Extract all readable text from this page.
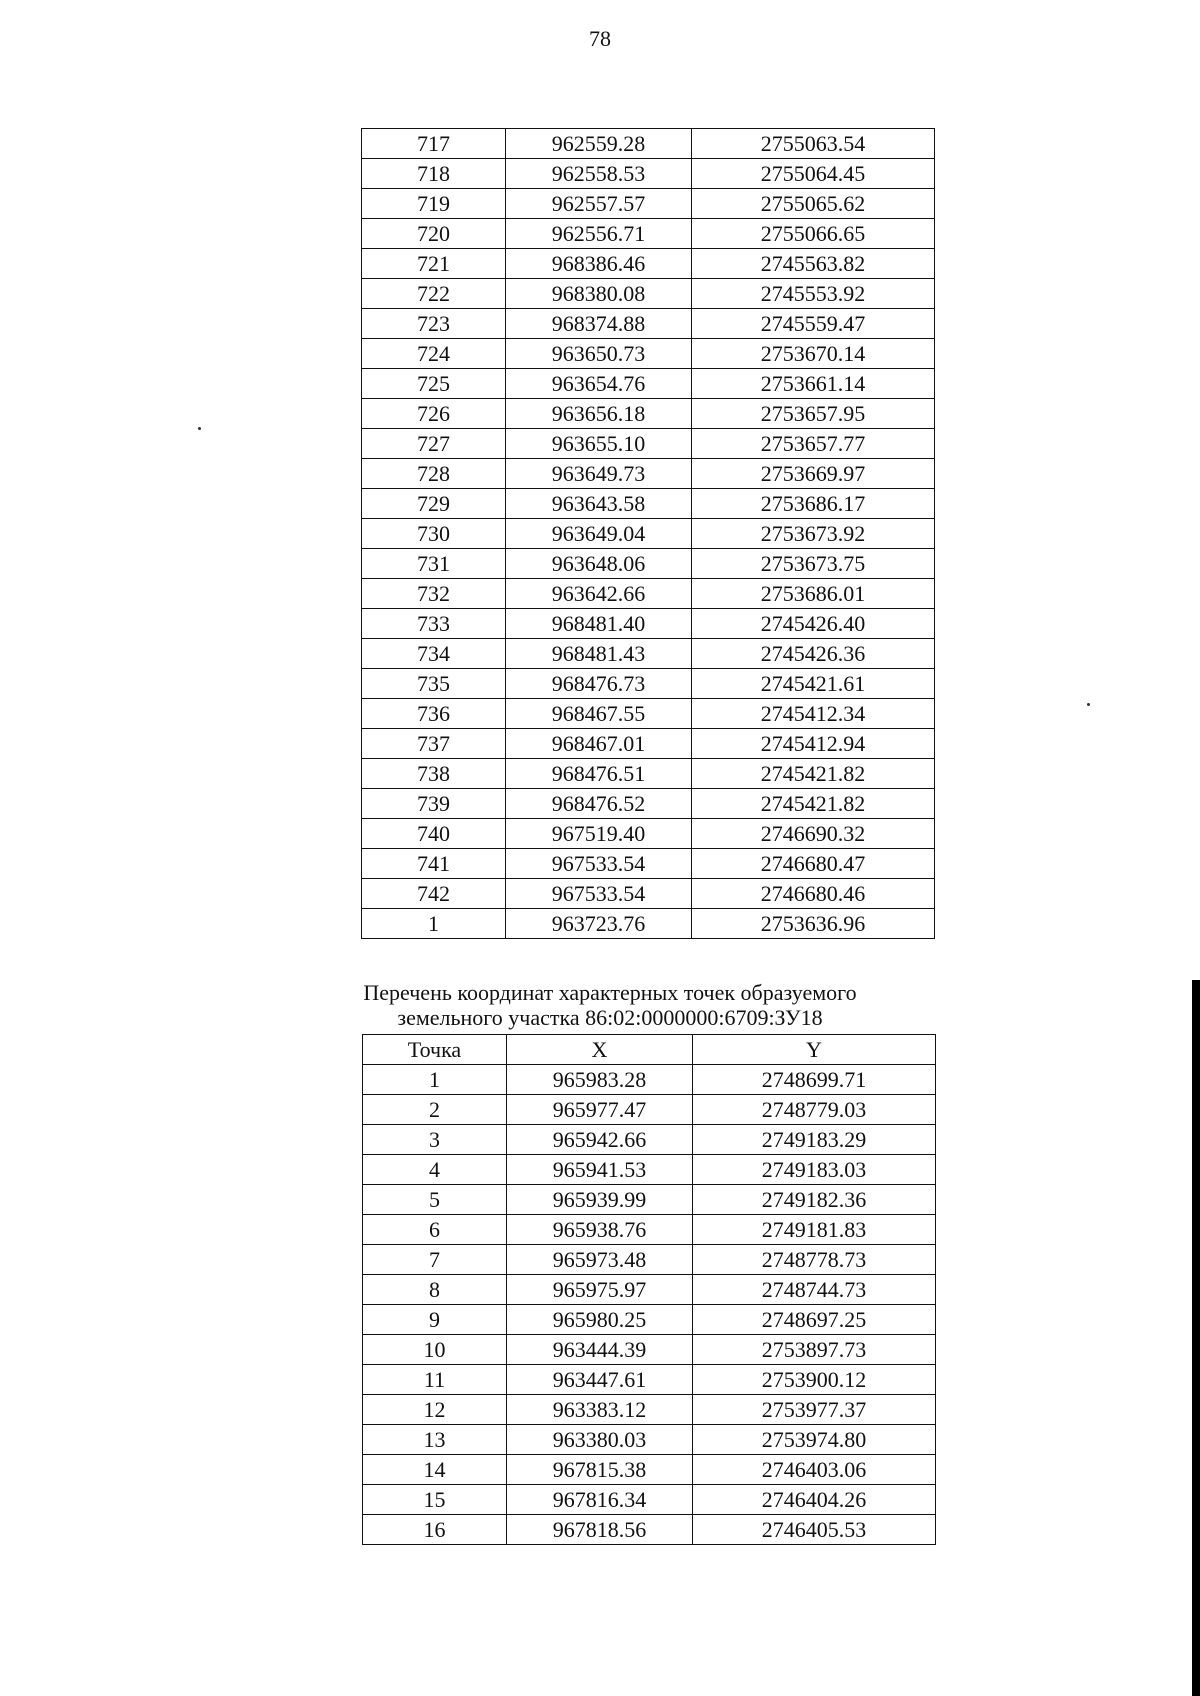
78
717	962559.28	2755063.54
718	962558.53	2755064.45
719	962557.57	2755065.62
720	962556.71	2755066.65
721	968386.46	2745563.82
722	968380.08	2745553.92
723	968374.88	2745559.47
724	963650.73	2753670.14
725	963654.76	2753661.14
726	963656.18	2753657.95
727	963655.10	2753657.77
728	963649.73	2753669.97
729	963643.58	2753686.17
730	963649.04	2753673.92
731	963648.06	2753673.75
732	963642.66	2753686.01
733	968481.40	2745426.40
734	968481.43	2745426.36
735	968476.73	2745421.61
736	968467.55	2745412.34
737	968467.01	2745412.94
738	968476.51	2745421.82
739	968476.52	2745421.82
740	967519.40	2746690.32
741	967533.54	2746680.47
742	967533.54	2746680.46
1	963723.76	2753636.96
Перечень координат характерных точек образуемого
земельного участка 86:02:0000000:6709:ЗУ18
Точка	X	Y
1	965983.28	2748699.71
2	965977.47	2748779.03
3	965942.66	2749183.29
4	965941.53	2749183.03
5	965939.99	2749182.36
6	965938.76	2749181.83
7	965973.48	2748778.73
8	965975.97	2748744.73
9	965980.25	2748697.25
10	963444.39	2753897.73
11	963447.61	2753900.12
12	963383.12	2753977.37
13	963380.03	2753974.80
14	967815.38	2746403.06
15	967816.34	2746404.26
16	967818.56	2746405.53
